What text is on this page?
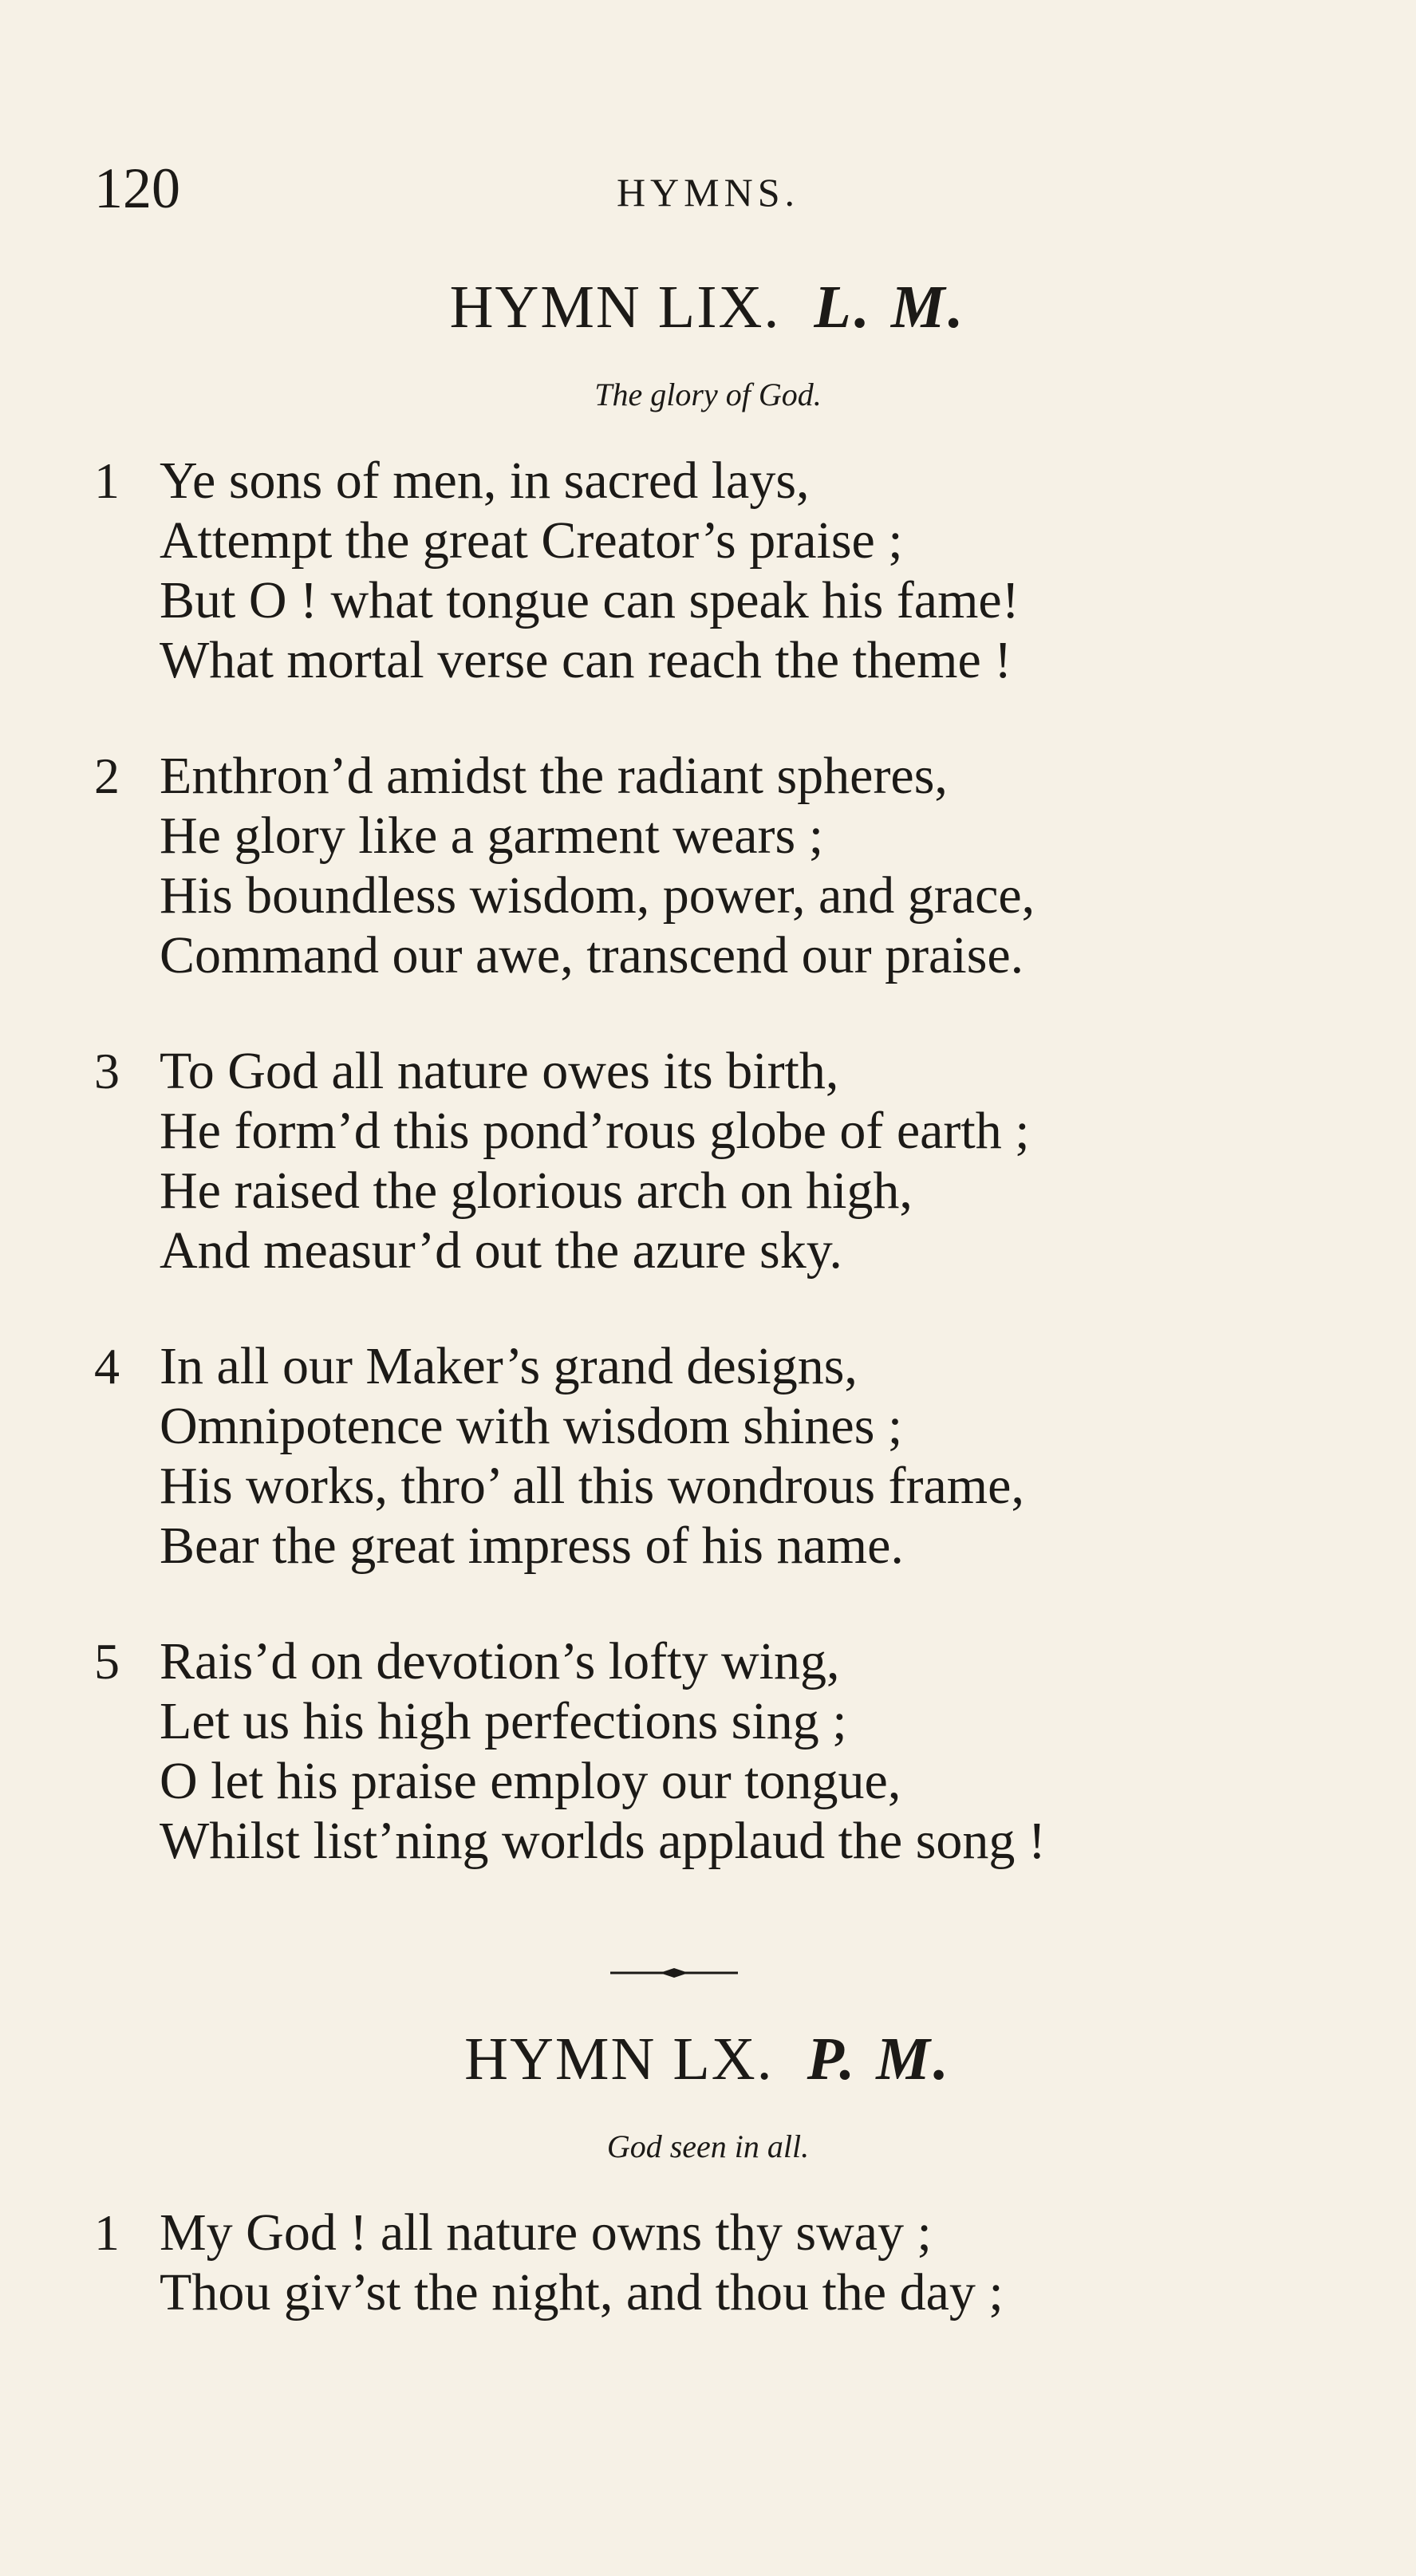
120	HYMNS.
HYMN LIX. L. M.
The glory of God.
1 Ye sons of men, in sacred lays,
Attempt the great Creator’s praise ;
But O ! what tongue can speak his fame!
What mortal verse can reach the theme !
2 Enthron’d amidst the radiant spheres,
He glory like a garment wears ;
His boundless wisdom, power, and grace,
Command our awe, transcend our praise.
3 To God all nature owes its birth,
He form’d this pond’rous globe of earth ;
He raised the glorious arch on high,
And measur’d out the azure sky.
4 In all our Maker’s grand designs,
Omnipotence with wisdom shines ;
His works, thro’ all this wondrous frame,
Bear the great impress of his name.
5 Rais’d on devotion’s lofty wing,
Let us his high perfections sing ;
O let his praise employ our tongue,
Whilst list’ning worlds applaud the song !
HYMN LX. P. M.
God seen in all.
1 My God ! all nature owns thy sway ;
Thou giv’st the night, and thou the day ;
